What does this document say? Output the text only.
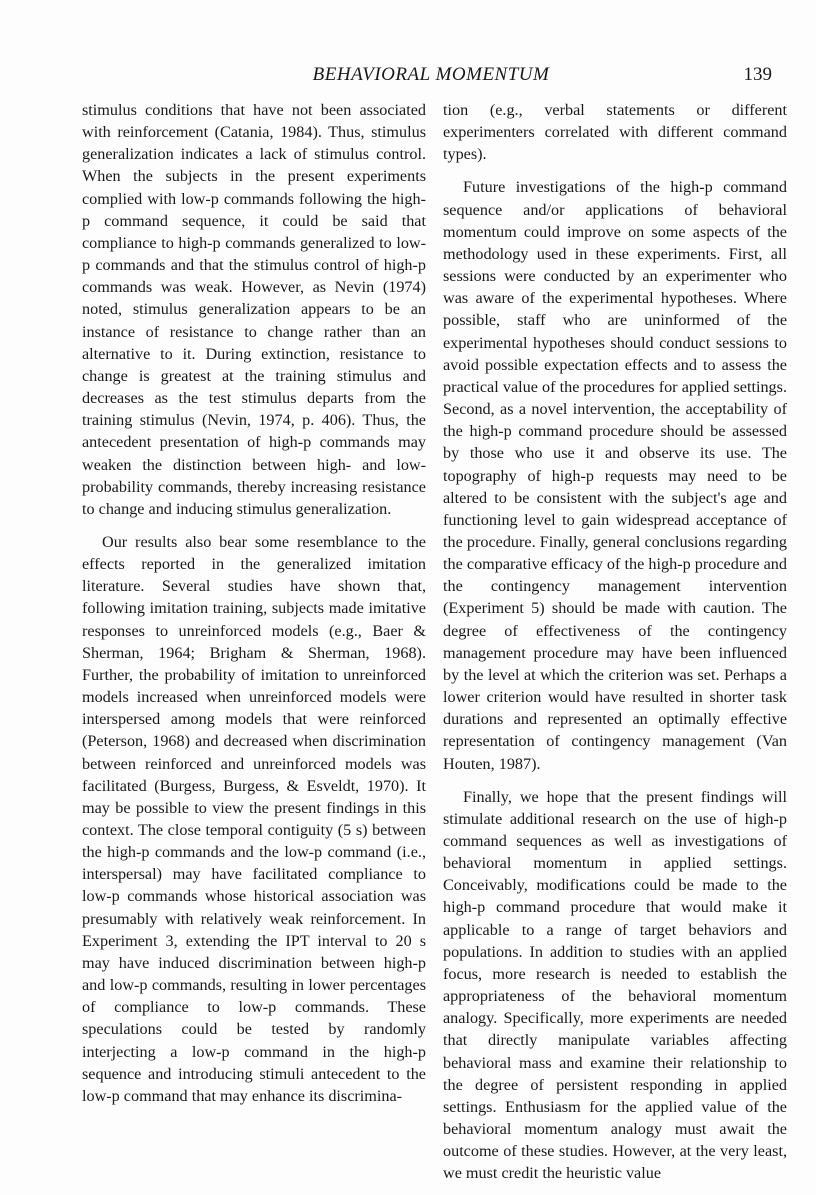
BEHAVIORAL MOMENTUM	139

stimulus conditions that have not been associated with reinforcement (Catania, 1984). Thus, stimulus generalization indicates a lack of stimulus control. When the subjects in the present experiments complied with low-p commands following the high-p command sequence, it could be said that compliance to high-p commands generalized to low-p commands and that the stimulus control of high-p commands was weak. However, as Nevin (1974) noted, stimulus generalization appears to be an instance of resistance to change rather than an alternative to it. During extinction, resistance to change is greatest at the training stimulus and decreases as the test stimulus departs from the training stimulus (Nevin, 1974, p. 406). Thus, the antecedent presentation of high-p commands may weaken the distinction between high- and low-probability commands, thereby increasing resistance to change and inducing stimulus generalization.

Our results also bear some resemblance to the effects reported in the generalized imitation literature. Several studies have shown that, following imitation training, subjects made imitative responses to unreinforced models (e.g., Baer & Sherman, 1964; Brigham & Sherman, 1968). Further, the probability of imitation to unreinforced models increased when unreinforced models were interspersed among models that were reinforced (Peterson, 1968) and decreased when discrimination between reinforced and unreinforced models was facilitated (Burgess, Burgess, & Esveldt, 1970). It may be possible to view the present findings in this context. The close temporal contiguity (5 s) between the high-p commands and the low-p command (i.e., interspersal) may have facilitated compliance to low-p commands whose historical association was presumably with relatively weak reinforcement. In Experiment 3, extending the IPT interval to 20 s may have induced discrimination between high-p and low-p commands, resulting in lower percentages of compliance to low-p commands. These speculations could be tested by randomly interjecting a low-p command in the high-p sequence and introducing stimuli antecedent to the low-p command that may enhance its discrimina-

tion (e.g., verbal statements or different experimenters correlated with different command types).

Future investigations of the high-p command sequence and/or applications of behavioral momentum could improve on some aspects of the methodology used in these experiments. First, all sessions were conducted by an experimenter who was aware of the experimental hypotheses. Where possible, staff who are uninformed of the experimental hypotheses should conduct sessions to avoid possible expectation effects and to assess the practical value of the procedures for applied settings. Second, as a novel intervention, the acceptability of the high-p command procedure should be assessed by those who use it and observe its use. The topography of high-p requests may need to be altered to be consistent with the subject's age and functioning level to gain widespread acceptance of the procedure. Finally, general conclusions regarding the comparative efficacy of the high-p procedure and the contingency management intervention (Experiment 5) should be made with caution. The degree of effectiveness of the contingency management procedure may have been influenced by the level at which the criterion was set. Perhaps a lower criterion would have resulted in shorter task durations and represented an optimally effective representation of contingency management (Van Houten, 1987).

Finally, we hope that the present findings will stimulate additional research on the use of high-p command sequences as well as investigations of behavioral momentum in applied settings. Conceivably, modifications could be made to the high-p command procedure that would make it applicable to a range of target behaviors and populations. In addition to studies with an applied focus, more research is needed to establish the appropriateness of the behavioral momentum analogy. Specifically, more experiments are needed that directly manipulate variables affecting behavioral mass and examine their relationship to the degree of persistent responding in applied settings. Enthusiasm for the applied value of the behavioral momentum analogy must await the outcome of these studies. However, at the very least, we must credit the heuristic value
